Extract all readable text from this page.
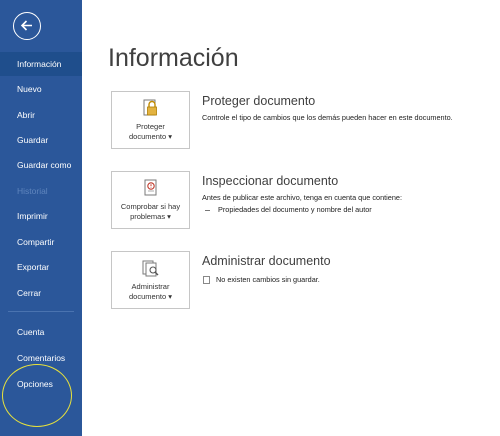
Información
Nuevo
Abrir
Guardar
Guardar como
Historial
Imprimir
Compartir
Exportar
Cerrar
Cuenta
Comentarios
Opciones
Información
Proteger
documento ▾
Proteger documento
Controle el tipo de cambios que los demás pueden hacer en este documento.
Comprobar si hay
problemas ▾
Inspeccionar documento
Antes de publicar este archivo, tenga en cuenta que contiene:
Propiedades del documento y nombre del autor
Administrar
documento ▾
Administrar documento
No existen cambios sin guardar.
